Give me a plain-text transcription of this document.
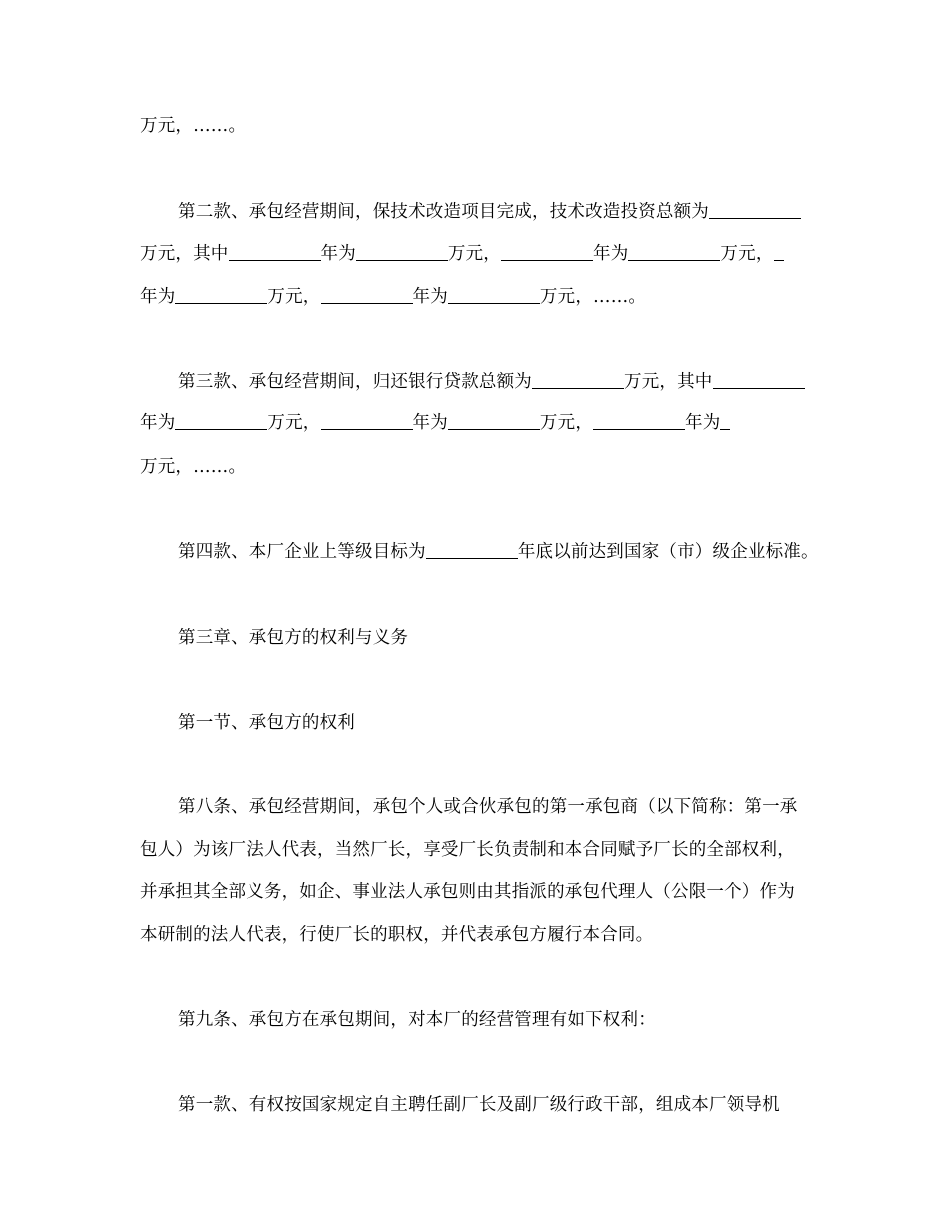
万元，……。
第二款、承包经营期间，保技术改造项目完成，技术改造投资总额为
万元，其中	年为	万元，	年为	万元，
年为	万元，	年为	万元，……。
第三款、承包经营期间，归还银行贷款总额为	万元，其中
年为	万元，	年为	万元，	年为
万元，……。
第四款、本厂企业上等级目标为	年底以前达到国家（市）级企业标准。
第三章、承包方的权利与义务
第一节、承包方的权利
第八条、承包经营期间，承包个人或合伙承包的第一承包商（以下简称：第一承
包人）为该厂法人代表，当然厂长，享受厂长负责制和本合同赋予厂长的全部权利，
并承担其全部义务，如企、事业法人承包则由其指派的承包代理人（公限一个）作为
本研制的法人代表，行使厂长的职权，并代表承包方履行本合同。
第九条、承包方在承包期间，对本厂的经营管理有如下权利：
第一款、有权按国家规定自主聘任副厂长及副厂级行政干部，组成本厂领导机
